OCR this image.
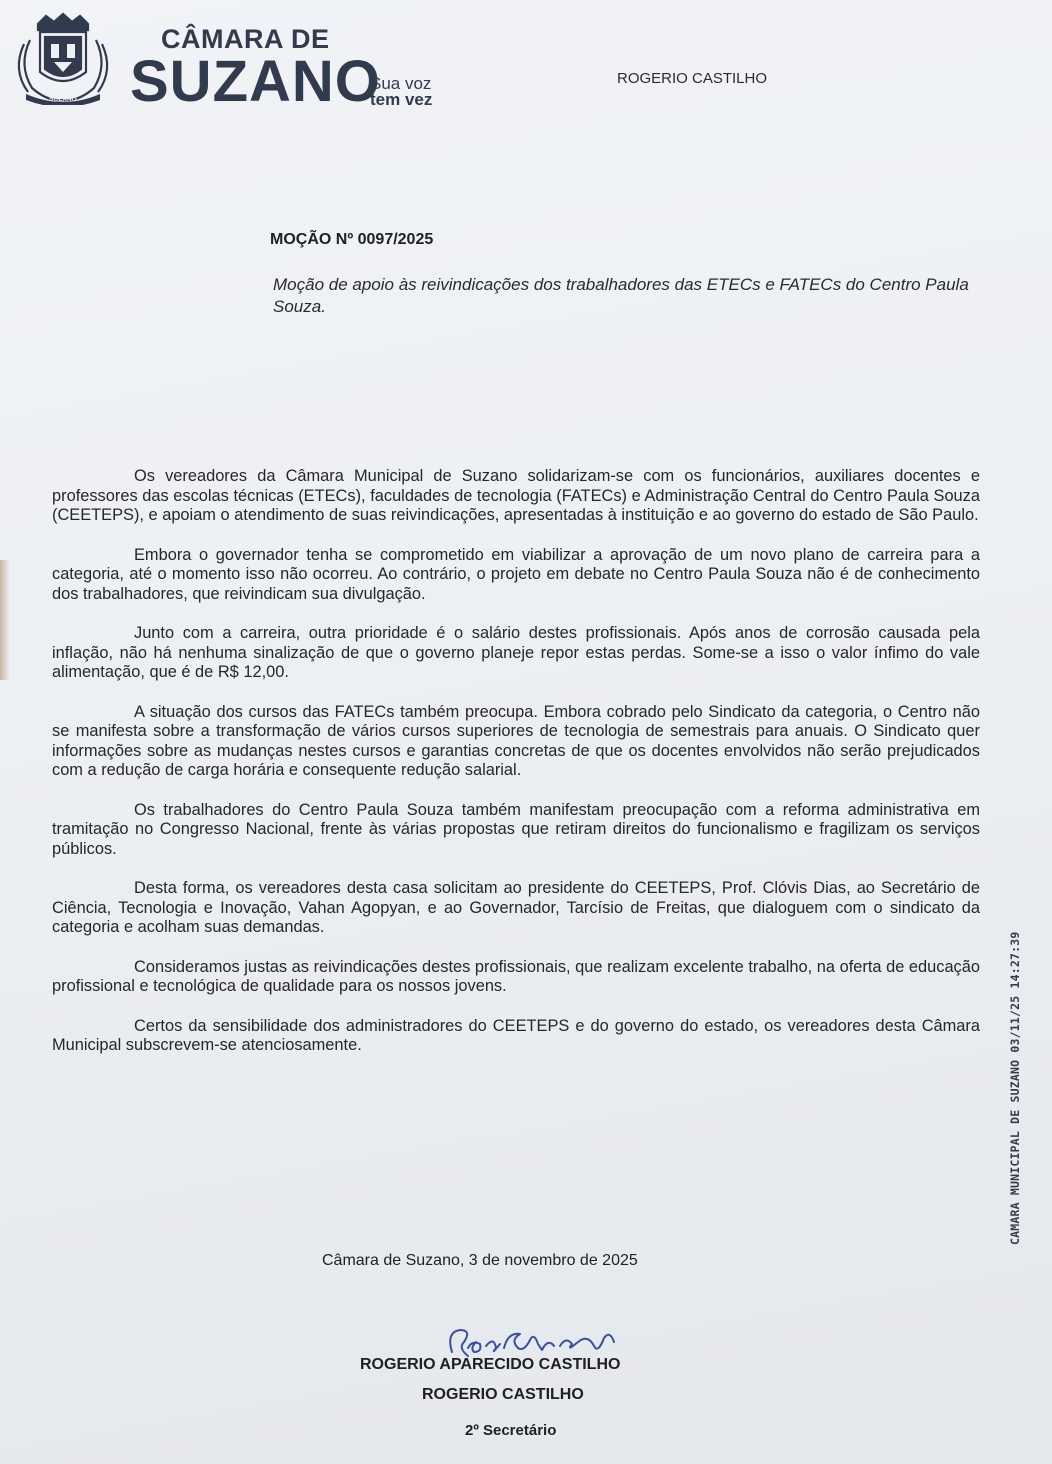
SUZANO
CÂMARA DE
SUZANO
Sua voz
tem vez
ROGERIO CASTILHO
MOÇÃO Nº 0097/2025
Moção de apoio às reivindicações dos trabalhadores das ETECs e FATECs do Centro Paula Souza.

Os vereadores da Câmara Municipal de Suzano solidarizam-se com os funcionários, auxiliares docentes e professores das escolas técnicas (ETECs), faculdades de tecnologia (FATECs) e Administração Central do Centro Paula Souza (CEETEPS), e apoiam o atendimento de suas reivindicações, apresentadas à instituição e ao governo do estado de São Paulo.

Embora o governador tenha se comprometido em viabilizar a aprovação de um novo plano de carreira para a categoria, até o momento isso não ocorreu. Ao contrário, o projeto em debate no Centro Paula Souza não é de conhecimento dos trabalhadores, que reivindicam sua divulgação.

Junto com a carreira, outra prioridade é o salário destes profissionais. Após anos de corrosão causada pela inflação, não há nenhuma sinalização de que o governo planeje repor estas perdas. Some-se a isso o valor ínfimo do vale alimentação, que é de R$ 12,00.

A situação dos cursos das FATECs também preocupa. Embora cobrado pelo Sindicato da categoria, o Centro não se manifesta sobre a transformação de vários cursos superiores de tecnologia de semestrais para anuais. O Sindicato quer informações sobre as mudanças nestes cursos e garantias concretas de que os docentes envolvidos não serão prejudicados com a redução de carga horária e consequente redução salarial.

Os trabalhadores do Centro Paula Souza também manifestam preocupação com a reforma administrativa em tramitação no Congresso Nacional, frente às várias propostas que retiram direitos do funcionalismo e fragilizam os serviços públicos.

Desta forma, os vereadores desta casa solicitam ao presidente do CEETEPS, Prof. Clóvis Dias, ao Secretário de Ciência, Tecnologia e Inovação, Vahan Agopyan, e ao Governador, Tarcísio de Freitas, que dialoguem com o sindicato da categoria e acolham suas demandas.

Consideramos justas as reivindicações destes profissionais, que realizam excelente trabalho, na oferta de educação profissional e tecnológica de qualidade para os nossos jovens.

Certos da sensibilidade dos administradores do CEETEPS e do governo do estado, os vereadores desta Câmara Municipal subscrevem-se atenciosamente.

Câmara de Suzano, 3 de novembro de 2025
ROGERIO APARECIDO CASTILHO
ROGERIO CASTILHO
2º Secretário
CAMARA MUNICIPAL DE SUZANO 03/11/25 14:27:39
